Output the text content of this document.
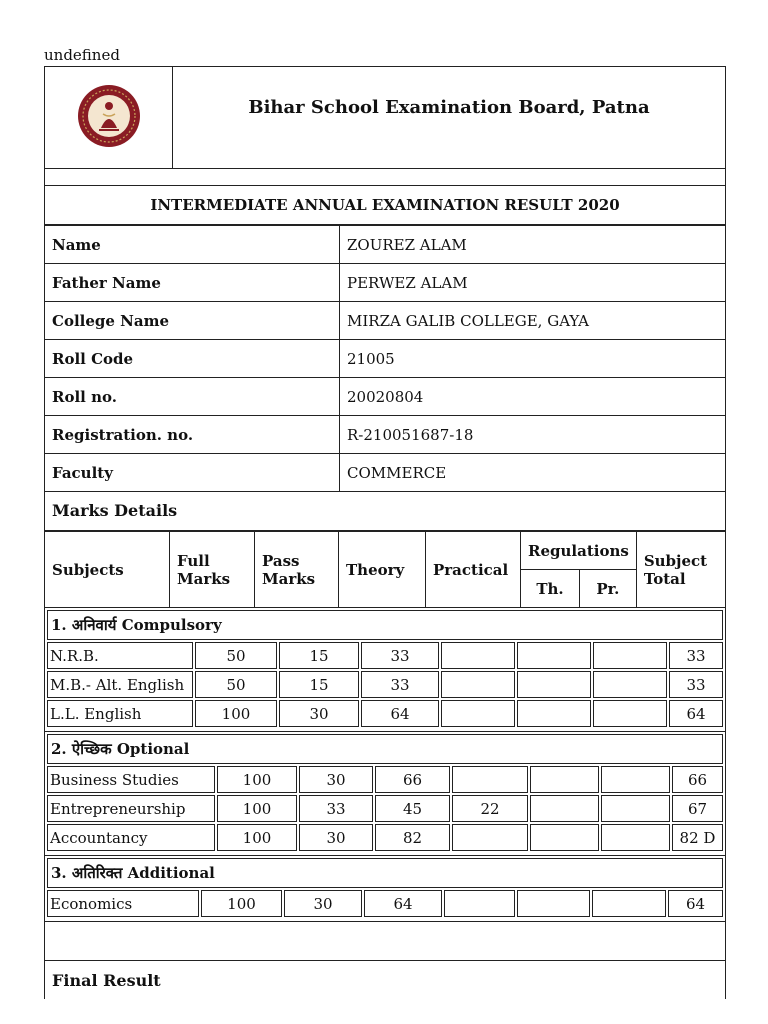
undefined
	Bihar School Examination Board, Patna
INTERMEDIATE ANNUAL EXAMINATION RESULT 2020
Name	ZOUREZ ALAM
Father Name	PERWEZ ALAM
College Name	MIRZA GALIB COLLEGE, GAYA
Roll Code	21005
Roll no.	20020804
Registration. no.	R-210051687-18
Faculty	COMMERCE
Marks Details
Subjects	Full Marks	Pass Marks	Theory	Practical	Regulations		Subject Total
					Th.	Pr.	
1. अनिवार्य Compulsory
N.R.B.	50	15	33				33
M.B.- Alt. English	50	15	33				33
L.L. English	100	30	64				64
2. ऐच्छिक Optional
Business Studies	100	30	66				66
Entrepreneurship	100	33	45	22			67
Accountancy	100	30	82				82 D
3. अतिरिक्त Additional
Economics	100	30	64				64
Final Result
